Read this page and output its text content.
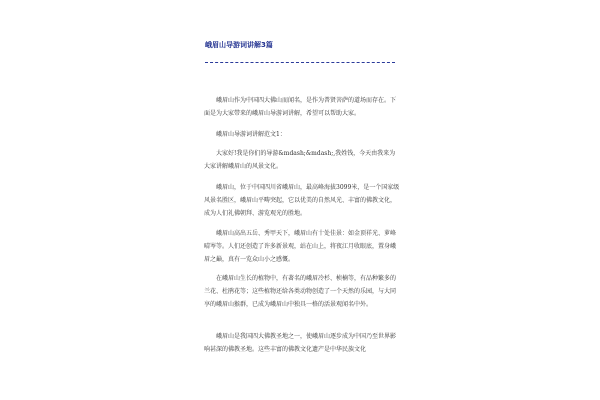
峨眉山导游词讲解3篇

峨眉山作为中国四大佛山而闻名，是作为普贤菩萨的道场而存在。下面是为大家带来的峨眉山导游词讲解，希望可以帮助大家。

峨眉山导游词讲解范文1：

大家好!我是你们的导游&mdash;&mdash;,我姓钱，今天由我来为大家讲解峨眉山的风景文化。

峨眉山，位于中国四川省峨眉山，最高峰海拔3099米，是一个国家级风景名胜区，峨眉山平畴突起，它以优美的自然风光、丰富的佛教文化，成为人们礼佛朝拜、游览观光的胜地。

峨眉山高出五岳、秀甲天下，峨眉山有十处佳景：如金顶祥光、萝峰晴岑等。人们还创造了许多新景观，站在山上，将夜江月收眼底，置身峨眉之巅，真有一览众山小之感慨。

在峨眉山生长的植物中，有著名的峨眉冷杉、桢楠等，有品种繁多的兰花、杜鹃花等；这些植物还给各类动物创造了一个天然的乐园，与大同享的峨眉山猴群，已成为峨眉山中独具一格的活景观闻名中外。

峨眉山是我国四大佛教圣地之一，使峨眉山逐步成为中国乃至世界影响甚深的佛教圣地。这些丰富的佛教文化遗产是中华民族文化
